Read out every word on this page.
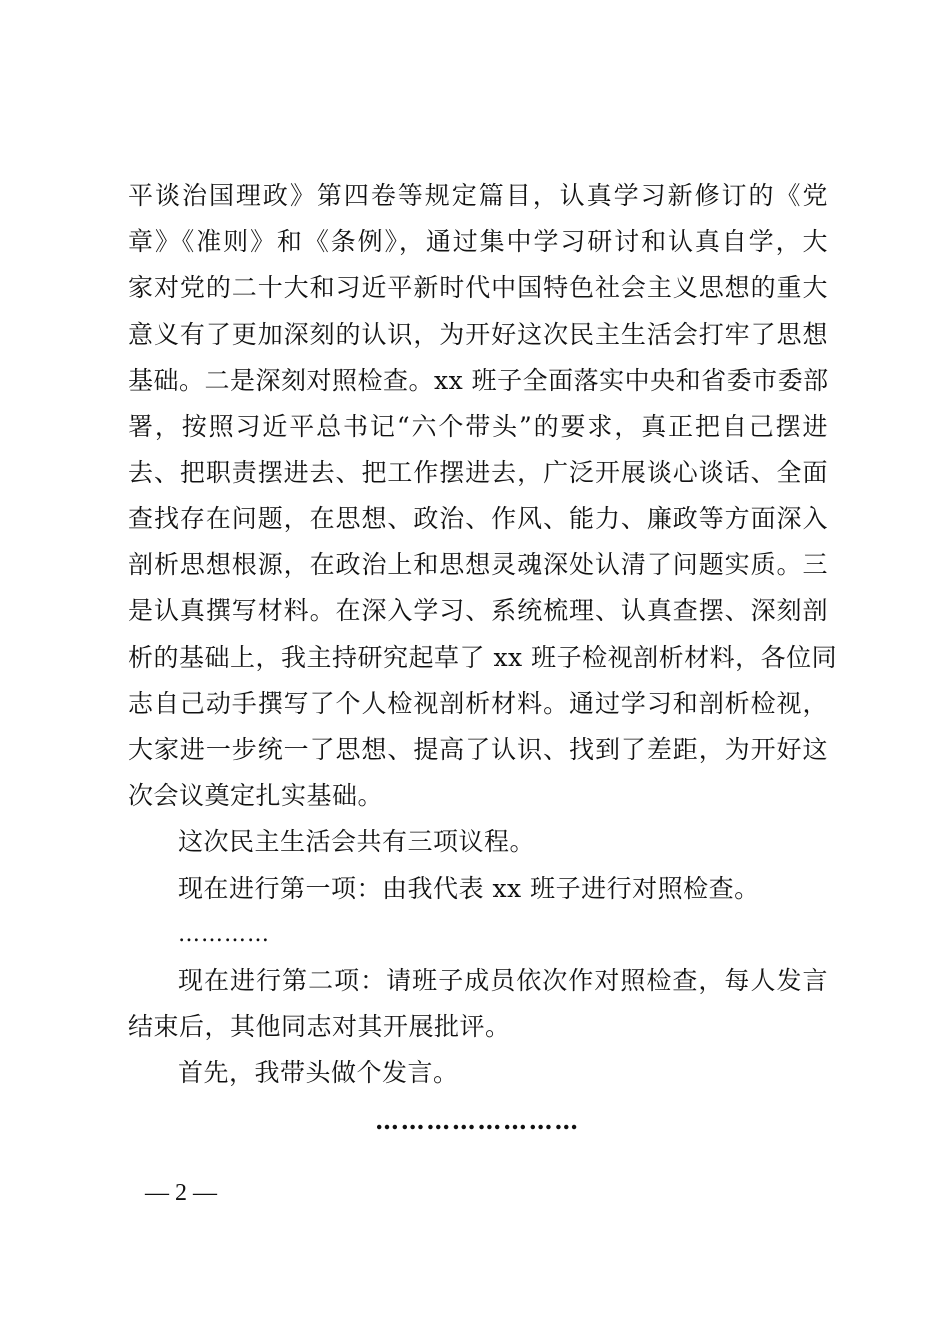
平谈治国理政》第四卷等规定篇目，认真学习新修订的《党
章》《准则》和《条例》，通过集中学习研讨和认真自学，大
家对党的二十大和习近平新时代中国特色社会主义思想的重大
意义有了更加深刻的认识，为开好这次民主生活会打牢了思想
基础。二是深刻对照检查。xx 班子全面落实中央和省委市委部
署，按照习近平总书记“六个带头”的要求，真正把自己摆进
去、把职责摆进去、把工作摆进去，广泛开展谈心谈话、全面
查找存在问题，在思想、政治、作风、能力、廉政等方面深入
剖析思想根源，在政治上和思想灵魂深处认清了问题实质。三
是认真撰写材料。在深入学习、系统梳理、认真查摆、深刻剖
析的基础上，我主持研究起草了 xx 班子检视剖析材料，各位同
志自己动手撰写了个人检视剖析材料。通过学习和剖析检视，
大家进一步统一了思想、提高了认识、找到了差距，为开好这
次会议奠定扎实基础。
这次民主生活会共有三项议程。
现在进行第一项：由我代表 xx 班子进行对照检查。
…………
现在进行第二项：请班子成员依次作对照检查，每人发言
结束后，其他同志对其开展批评。
首先，我带头做个发言。
……………………
— 2 —
